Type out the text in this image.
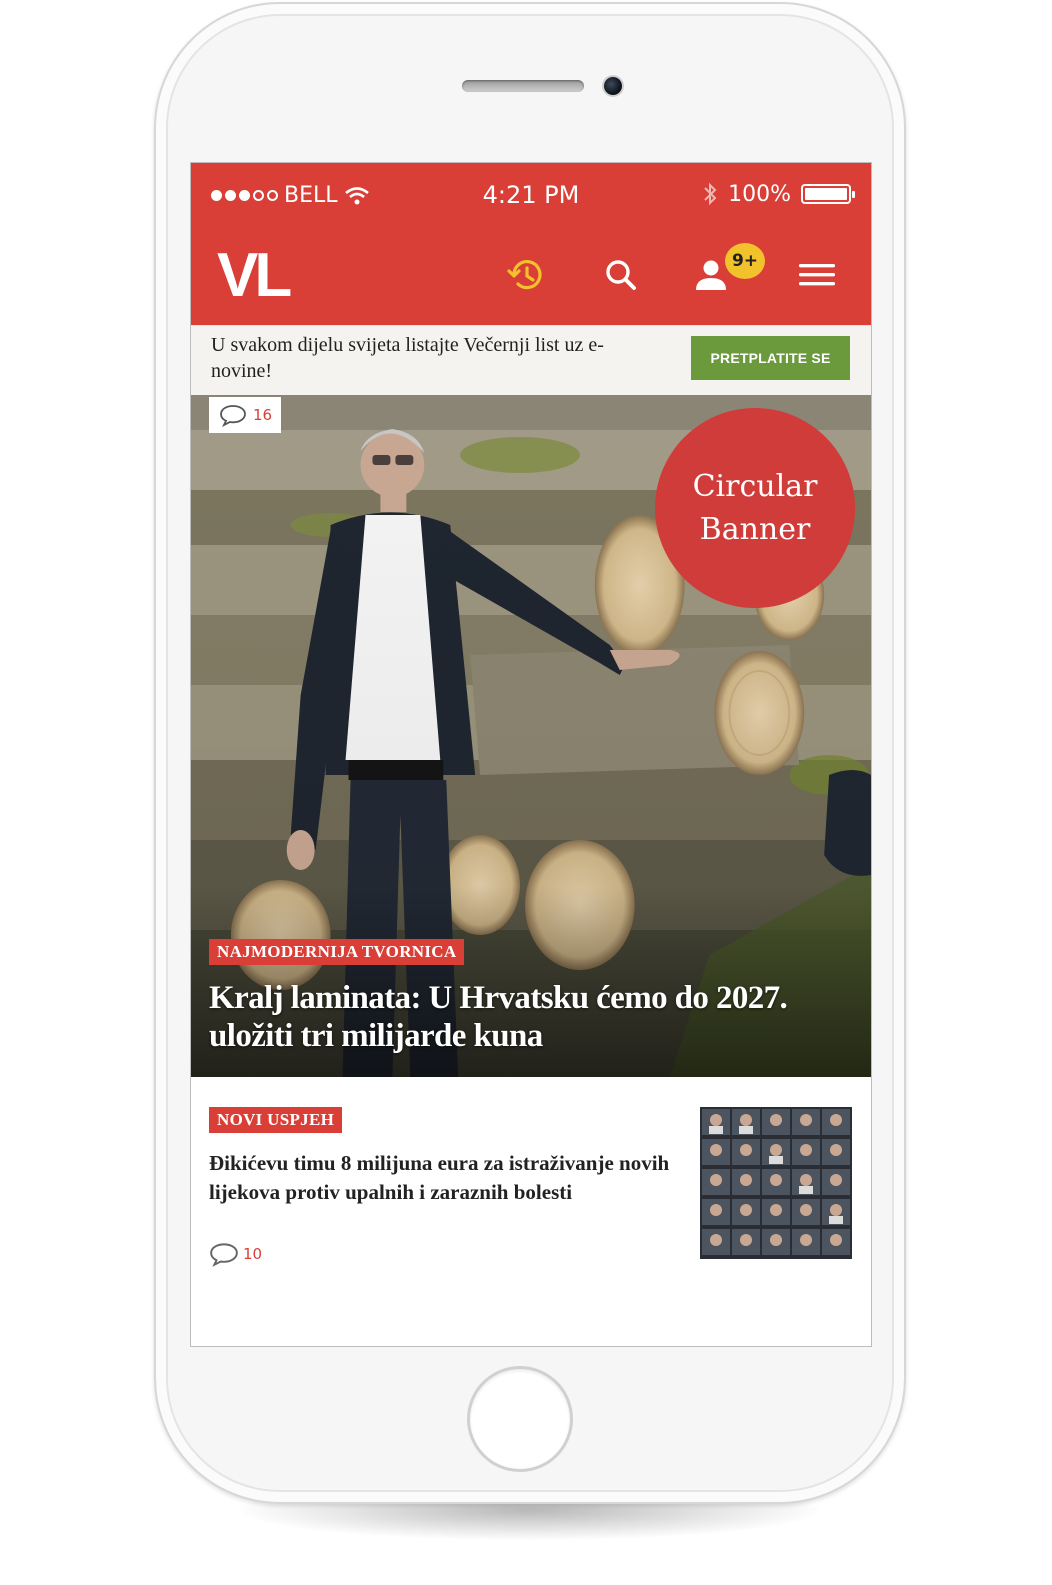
BELL	4:21 PM	100%
VL	9+
U svakom dijelu svijeta listajte Večernji list uz e-novine!
PRETPLATITE SE
16
Circular
Banner
NAJMODERNIJA TVORNICA
Kralj laminata: U Hrvatsku ćemo do 2027. uložiti tri milijarde kuna
NOVI USPJEH
Đikićevu timu 8 milijuna eura za istraživanje novih lijekova protiv upalnih i zaraznih bolesti
10
